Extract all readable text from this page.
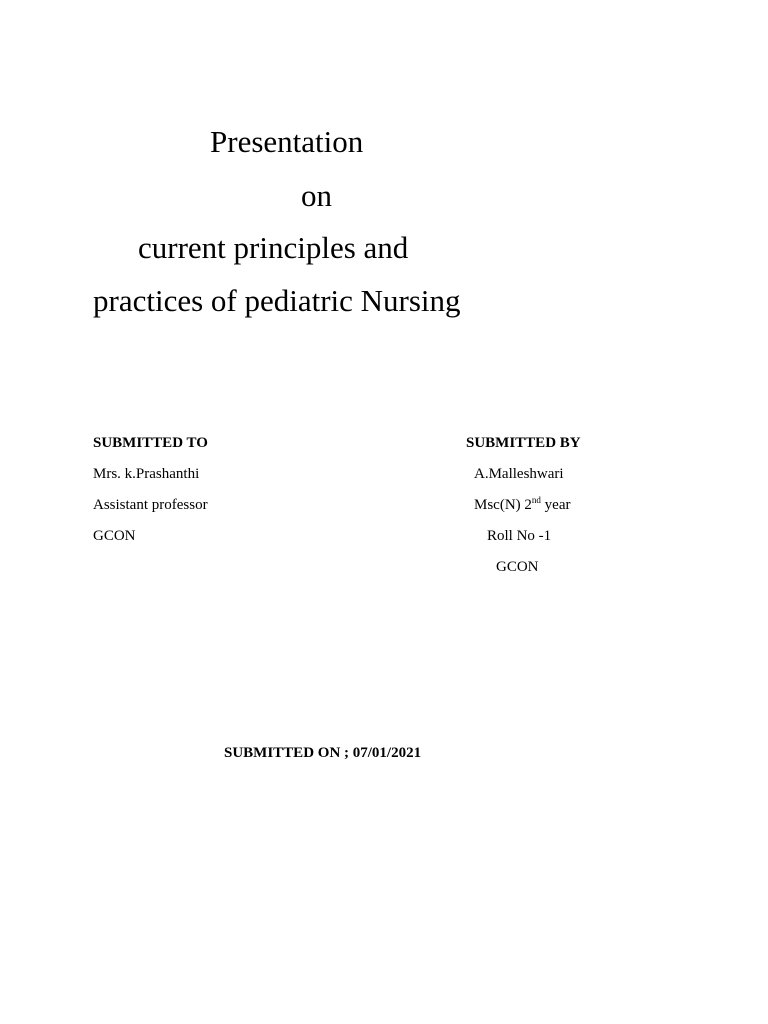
Presentation
on
current principles and
practices of pediatric Nursing
SUBMITTED TO
Mrs. k.Prashanthi
Assistant professor
GCON
SUBMITTED BY
A.Malleshwari
Msc(N) 2nd year
Roll No -1
GCON
SUBMITTED ON ; 07/01/2021
